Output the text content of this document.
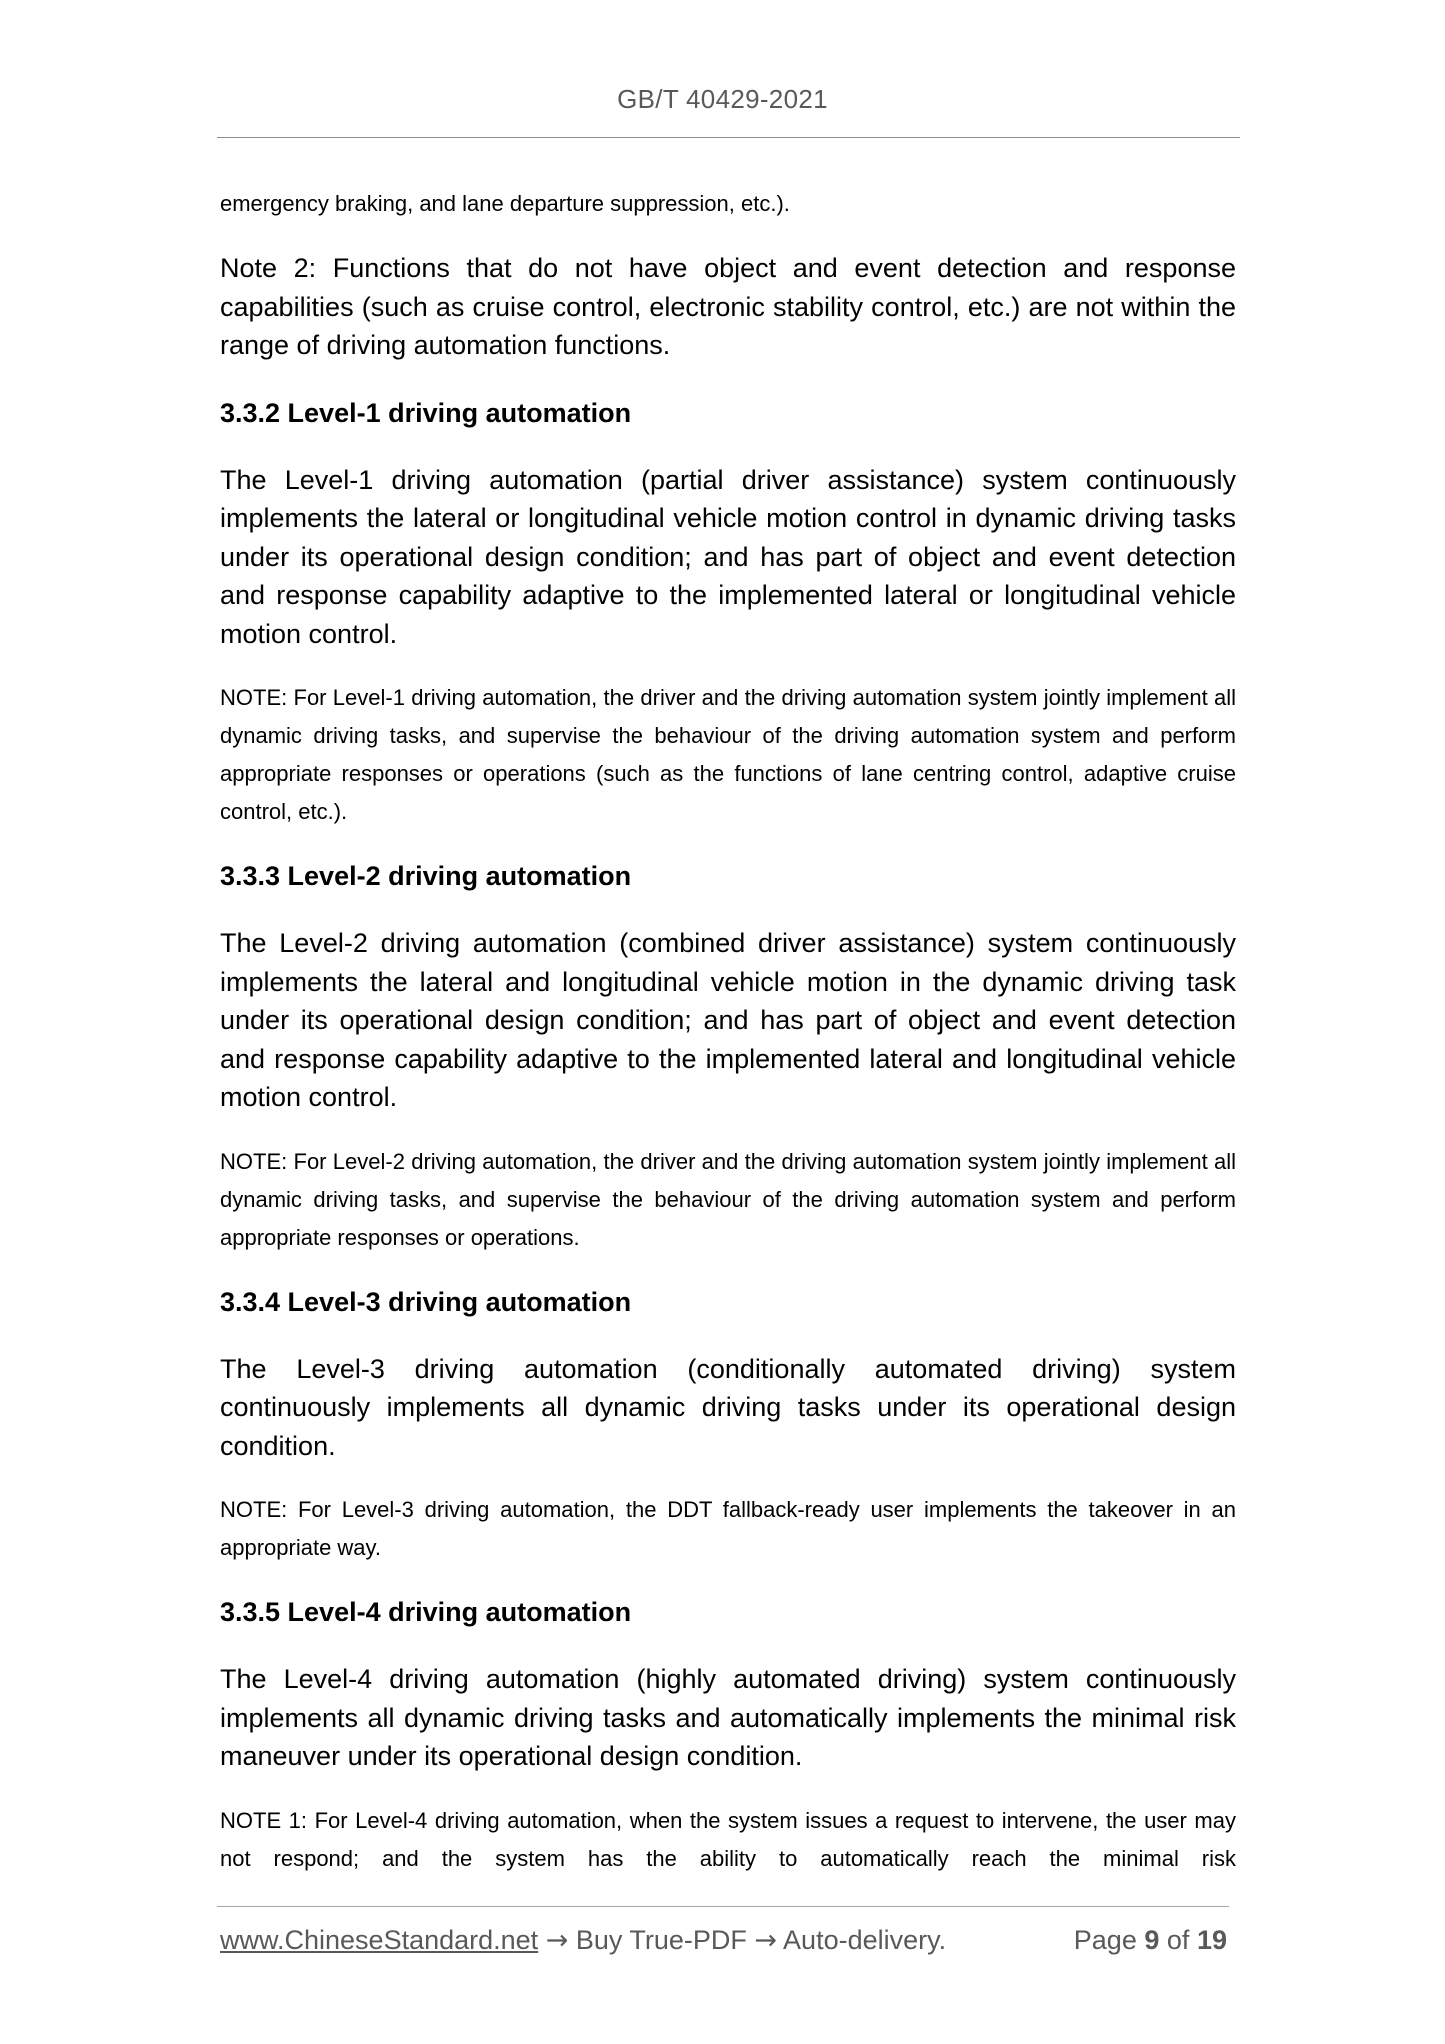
GB/T 40429-2021

emergency braking, and lane departure suppression, etc.).

Note 2: Functions that do not have object and event detection and response capabilities (such as cruise control, electronic stability control, etc.) are not within the range of driving automation functions.

3.3.2 Level-1 driving automation

The Level-1 driving automation (partial driver assistance) system continuously implements the lateral or longitudinal vehicle motion control in dynamic driving tasks under its operational design condition; and has part of object and event detection and response capability adaptive to the implemented lateral or longitudinal vehicle motion control.

NOTE: For Level-1 driving automation, the driver and the driving automation system jointly implement all dynamic driving tasks, and supervise the behaviour of the driving automation system and perform appropriate responses or operations (such as the functions of lane centring control, adaptive cruise control, etc.).

3.3.3 Level-2 driving automation

The Level-2 driving automation (combined driver assistance) system continuously implements the lateral and longitudinal vehicle motion in the dynamic driving task under its operational design condition; and has part of object and event detection and response capability adaptive to the implemented lateral and longitudinal vehicle motion control.

NOTE: For Level-2 driving automation, the driver and the driving automation system jointly implement all dynamic driving tasks, and supervise the behaviour of the driving automation system and perform appropriate responses or operations.

3.3.4 Level-3 driving automation

The Level-3 driving automation (conditionally automated driving) system continuously implements all dynamic driving tasks under its operational design condition.

NOTE: For Level-3 driving automation, the DDT fallback-ready user implements the takeover in an appropriate way.

3.3.5 Level-4 driving automation

The Level-4 driving automation (highly automated driving) system continuously implements all dynamic driving tasks and automatically implements the minimal risk maneuver under its operational design condition.

NOTE 1: For Level-4 driving automation, when the system issues a request to intervene, the user may not respond; and the system has the ability to automatically reach the minimal risk

www.ChineseStandard.net → Buy True-PDF → Auto-delivery.	Page 9 of 19
